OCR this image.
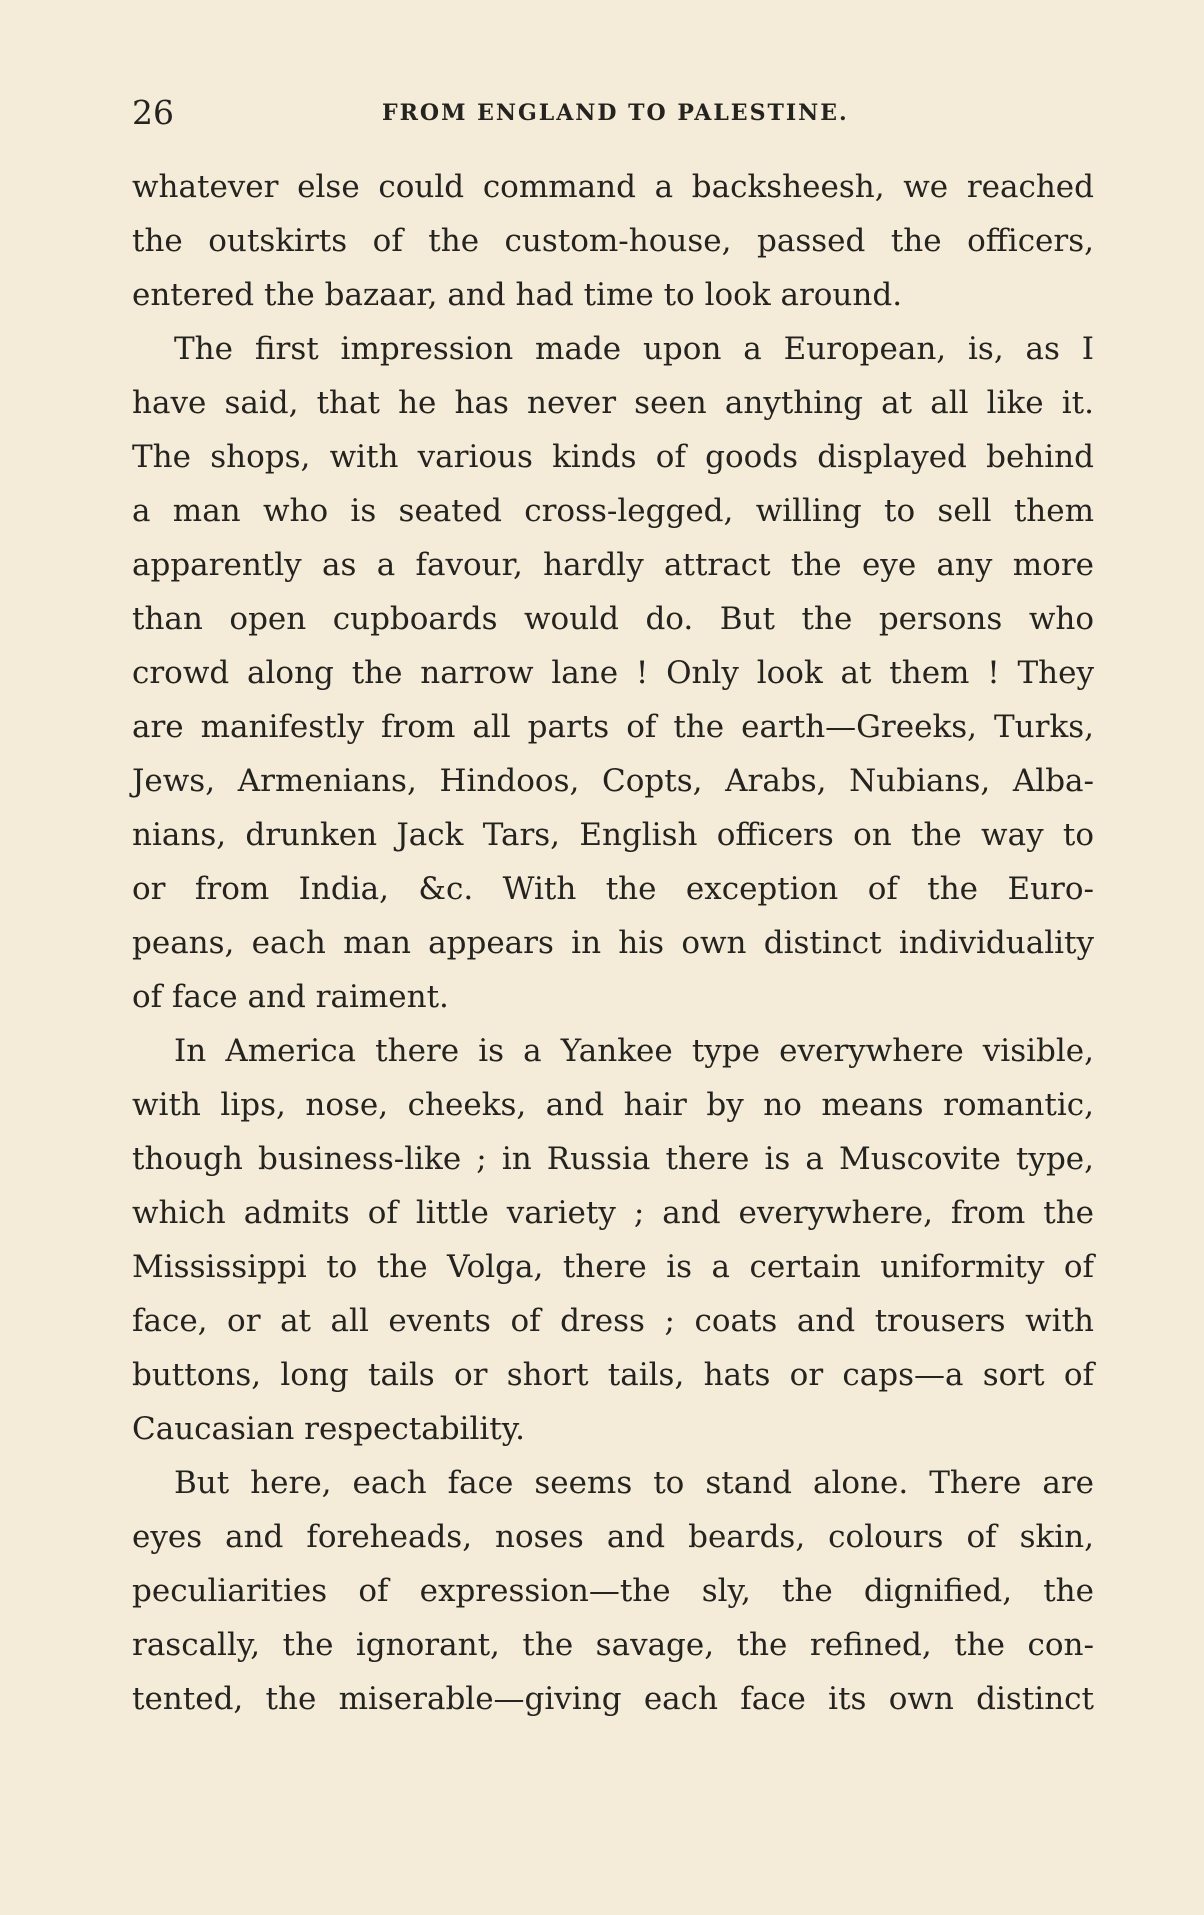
26	FROM ENGLAND TO PALESTINE.
whatever else could command a backsheesh, we reached
the outskirts of the custom-house, passed the officers,
entered the bazaar, and had time to look around.
The first impression made upon a European, is, as I
have said, that he has never seen anything at all like it.
The shops, with various kinds of goods displayed behind
a man who is seated cross-legged, willing to sell them
apparently as a favour, hardly attract the eye any more
than open cupboards would do. But the persons who
crowd along the narrow lane ! Only look at them ! They
are manifestly from all parts of the earth—Greeks, Turks,
Jews, Armenians, Hindoos, Copts, Arabs, Nubians, Alba-
nians, drunken Jack Tars, English officers on the way to
or from India, &c. With the exception of the Euro-
peans, each man appears in his own distinct individuality
of face and raiment.
In America there is a Yankee type everywhere visible,
with lips, nose, cheeks, and hair by no means romantic,
though business-like ; in Russia there is a Muscovite type,
which admits of little variety ; and everywhere, from the
Mississippi to the Volga, there is a certain uniformity of
face, or at all events of dress ; coats and trousers with
buttons, long tails or short tails, hats or caps—a sort of
Caucasian respectability.
But here, each face seems to stand alone. There are
eyes and foreheads, noses and beards, colours of skin,
peculiarities of expression—the sly, the dignified, the
rascally, the ignorant, the savage, the refined, the con-
tented, the miserable—giving each face its own distinct
